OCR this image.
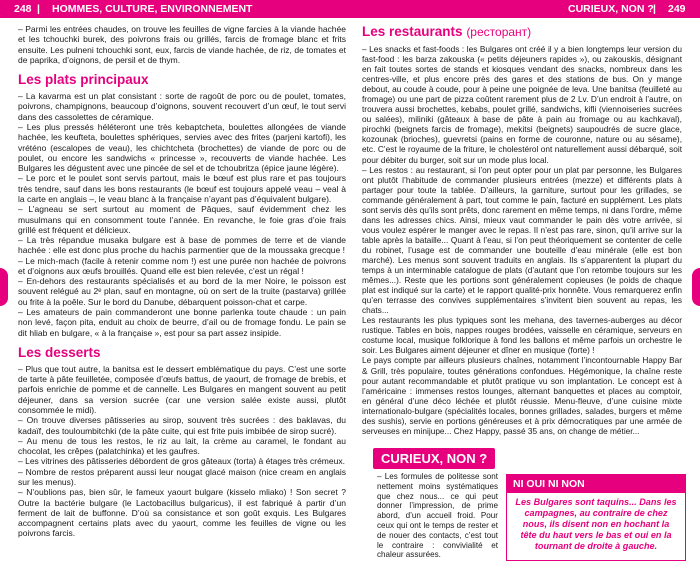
248 | HOMMES, CULTURE, ENVIRONNEMENT	CURIEUX, NON ? | 249

– Parmi les entrées chaudes, on trouve les feuilles de vigne farcies à la viande hachée et les tchouchki burek, des poivrons frais ou grillés, farcis de fromage blanc et frits ensuite. Les pulneni tchouchki sont, eux, farcis de viande hachée, de riz, de tomates et de paprika, d’oignons, de persil et de thym.

Les plats principaux

– La kavarma est un plat consistant : sorte de ragoût de porc ou de poulet, tomates, poivrons, champignons, beaucoup d’oignons, souvent recouvert d’un œuf, le tout servi dans des cassolettes de céramique.

– Les plus pressés héléteront une très kebaptcheta, boulettes allongées de viande hachée, les keufteta, boulettes sphériques, servies avec des frites (parjeni kartofi), les vréténo (escalopes de veau), les chichtcheta (brochettes) de viande de porc ou de poulet, ou encore les sandwichs « princesse », recouverts de viande hachée. Les Bulgares les dégustent avec une pincée de sel et de tchoubritza (épice jaune légère).

– Le porc et le poulet sont servis partout, mais le bœuf est plus rare et pas toujours très tendre, sauf dans les bons restaurants (le bœuf est toujours appelé veau – veal à la carte en anglais –, le veau blanc à la française n’ayant pas d’équivalent bulgare).

– L’agneau se sert surtout au moment de Pâques, sauf évidemment chez les musulmans qui en consomment toute l’année. En revanche, le foie gras d’oie frais grillé est fréquent et délicieux.

– La très répandue musaka bulgare est à base de pommes de terre et de viande hachée : elle est donc plus proche du hachis parmentier que de la moussaka grecque !

– Le mich-mach (facile à retenir comme nom !) est une purée non hachée de poivrons et d’oignons aux œufs brouillés. Quand elle est bien relevée, c’est un régal !

– En-dehors des restaurants spécialisés et au bord de la mer Noire, le poisson est souvent relégué au 2ᵉ plan, sauf en montagne, où on sert de la truite (pastarva) grillée ou frite à la poêle. Sur le bord du Danube, débarquent poisson-chat et carpe.

– Les amateurs de pain commanderont une bonne parlenka toute chaude : un pain non levé, façon pita, enduit au choix de beurre, d’ail ou de fromage fondu. Le pain se dit hliab en bulgare, « à la française », est pour sa part assez insipide.

Les desserts

– Plus que tout autre, la banitsa est le dessert emblématique du pays. C’est une sorte de tarte à pâte feuilletée, composée d’œufs battus, de yaourt, de fromage de brebis, et parfois enrichie de pomme et de cannelle. Les Bulgares en mangent souvent au petit déjeuner, dans sa version sucrée (car une version salée existe aussi, plutôt consommée le midi).

– On trouve diverses pâtisseries au sirop, souvent très sucrées : des baklavas, du kadaïf, des touloumbitchki (de la pâte cuite, qui est frite puis imbibée de sirop sucré).

– Au menu de tous les restos, le riz au lait, la crème au caramel, le fondant au chocolat, les crêpes (palatchinka) et les gaufres.

– Les vitrines des pâtisseries débordent de gros gâteaux (torta) à étages très crémeux.

– Nombre de restos préparent aussi leur nougat glacé maison (nice cream en anglais sur les menus).

– N’oublions pas, bien sûr, le fameux yaourt bulgare (kisselo mliako) ! Son secret ? Outre la bactérie bulgare (le Lactobacillus bulgaricus), il est fabriqué à partir d’un ferment de lait de buffonne. D’où sa consistance et son goût exquis. Les Bulgares accompagnent certains plats avec du yaourt, comme les feuilles de vigne ou les poivrons farcis.

Les restaurants (ресторант)

– Les snacks et fast-foods : les Bulgares ont créé il y a bien longtemps leur version du fast-food : les barza zakouska (« petits déjeuners rapides »), ou zakouskis, désignant en fait toutes sortes de stands et kiosques vendant des snacks, nombreux dans les centres-ville, et plus encore près des gares et des stations de bus. On y mange debout, au coude à coude, pour à peine une poignée de leva. Une banitsa (feuilleté au fromage) ou une part de pizza coûtent rarement plus de 2 Lv. D’un endroit à l’autre, on trouvera aussi brochettes, kebabs, poulet grillé, sandwichs, kifli (viennoiseries sucrées ou salées), miliniki (gâteaux à base de pâte à pain au fromage ou au kachkaval), pirochki (beignets farcis de fromage), mekitsi (beignets) saupoudrés de sucre glace, kozounak (brioches), guevretsi (pains en forme de couronne, nature ou au sésame), etc. C’est le royaume de la friture, le cholestérol ont naturellement aussi débarqué, soit pour débiter du burger, soit sur un mode plus local.

– Les restos : au restaurant, si l’on peut opter pour un plat par personne, les Bulgares ont plutôt l’habitude de commander plusieurs entrées (mezze) et différents plats à partager pour toute la tablée. D’ailleurs, la garniture, surtout pour les grillades, se commande généralement à part, tout comme le pain, facturé en supplément. Les plats sont servis dès qu’ils sont prêts, donc rarement en même temps, ni dans l’ordre, même dans les adresses chics. Ainsi, mieux vaut commander le pain dès votre arrivée, si vous voulez espérer le manger avec le repas. Il n’est pas rare, sinon, qu’il arrive sur la table après la bataille... Quant à l’eau, si l’on peut théoriquement se contenter de celle du robinet, l’usage est de commander une bouteille d’eau minérale (elle est bon marché). Les menus sont souvent traduits en anglais. Ils s’apparentent la plupart du temps à un interminable catalogue de plats (d’autant que l’on retombe toujours sur les mêmes...). Reste que les portions sont généralement copieuses (le poids de chaque plat est indiqué sur la carte) et le rapport qualité-prix honnête. Vous remarquerez enfin qu’en terrasse des convives supplémentaires s’invitent bien souvent au repas, les chats...

Les restaurants les plus typiques sont les mehana, des tavernes-auberges au décor rustique. Tables en bois, nappes rouges brodées, vaisselle en céramique, serveurs en costume local, musique folklorique à fond les ballons et même parfois un orchestre le soir. Les Bulgares aiment déjeuner et dîner en musique (forte) !

Le pays compte par ailleurs plusieurs chaînes, notamment l’incontournable Happy Bar & Grill, très populaire, toutes générations confondues. Hégémonique, la chaîne reste pour autant recommandable et plutôt pratique vu son implantation. Le concept est à l’américaine : immenses restos lounges, alternant banquettes et places au comptoir, en général d’une déco léchée et plutôt réussie. Menu-fleuve, d’une cuisine mixte internationalo-bulgare (spécialités locales, bonnes grillades, salades, burgers et même des sushis), servie en portions généreuses et à prix démocratiques par une armée de serveuses en minijupe... Chez Happy, passé 35 ans, on change de métier...

CURIEUX, NON ?
– Les formules de politesse sont nettement moins systématiques que chez nous... ce qui peut donner l’impression, de prime abord, d’un accueil froid. Pour ceux qui ont le temps de rester et de nouer des contacts, c’est tout le contraire : convivialité et chaleur assurées.
NI OUI NI NON
Les Bulgares sont taquins... Dans les campagnes, au contraire de chez nous, ils disent non en hochant la tête du haut vers le bas et oui en la tournant de droite à gauche.
